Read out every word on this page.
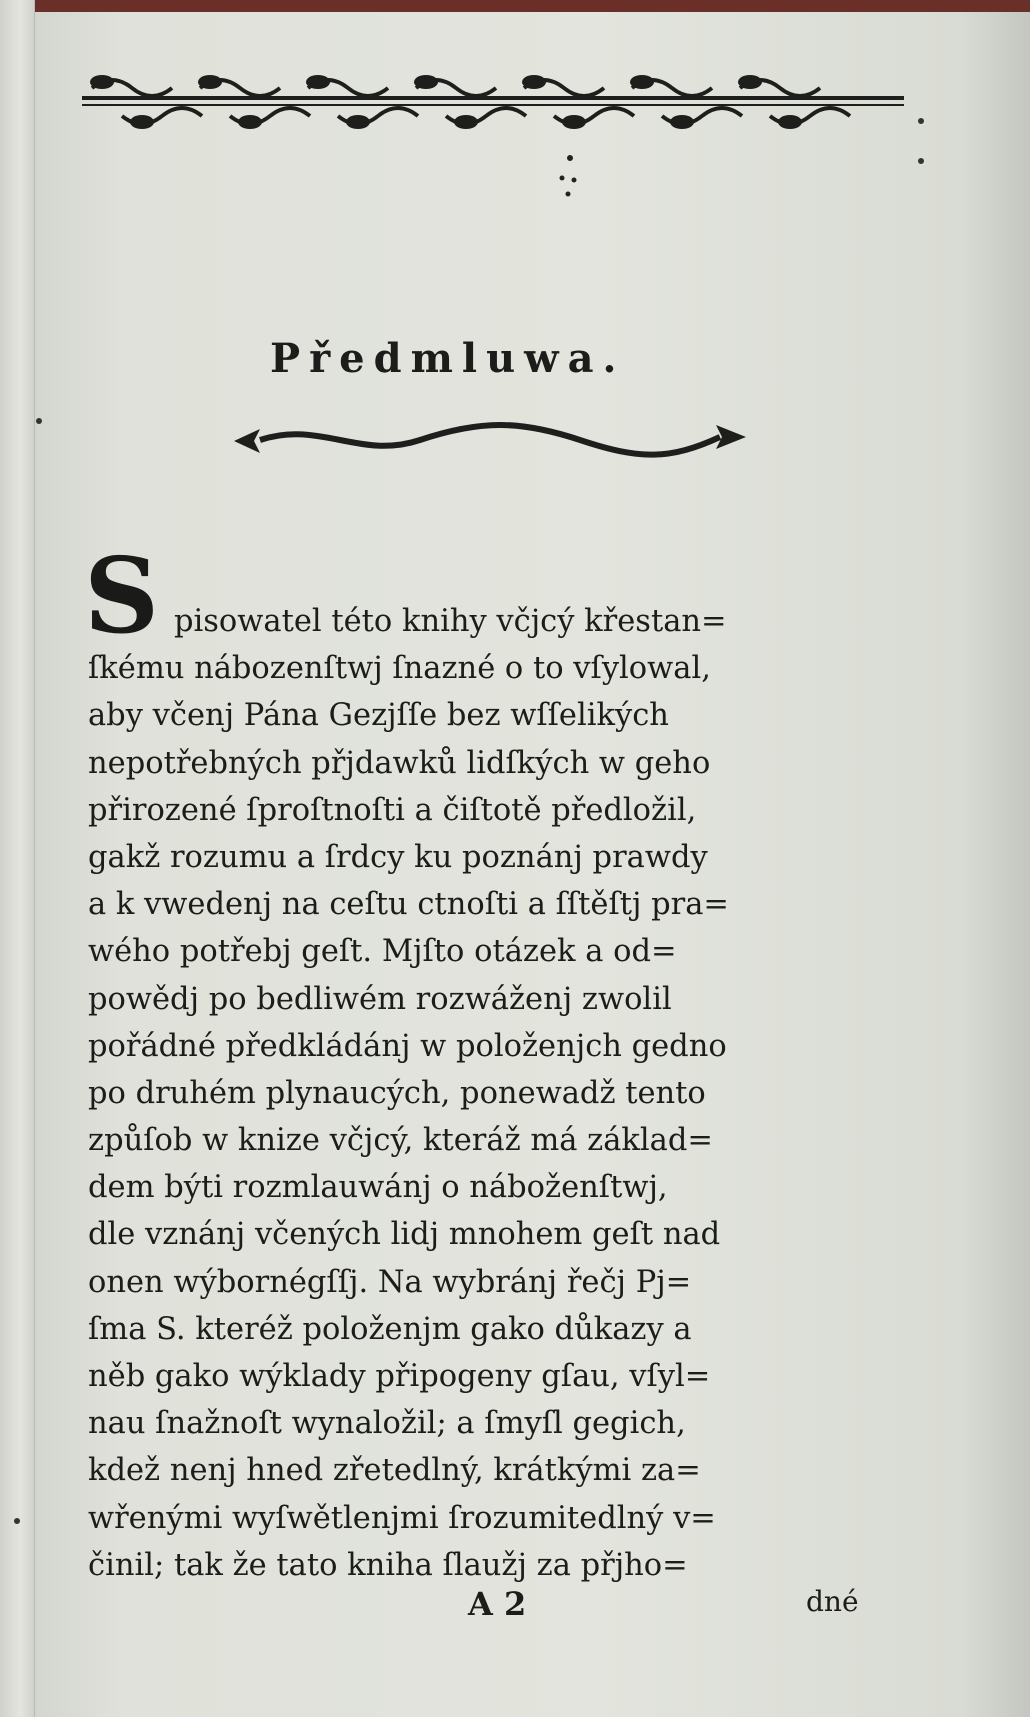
Předmluwa.
S pisowatel této knihy včjcý křestan=
ſkému nábozenſtwj ſnazné o to vſylowal,
aby včenj Pána Gezjſſe bez wſſelikých
nepotřebných přjdawků lidſkých w geho
přirozené ſproſtnoſti a čiſtotě předložil,
gakž rozumu a ſrdcy ku poznánj prawdy
a k vwedenj na ceſtu ctnoſti a ſſtěſtj pra=
wého potřebj geſt. Mjſto otázek a od=
powědj po bedliwém rozwáženj zwolil
pořádné předkládánj w položenjch gedno
po druhém plynaucých, ponewadž tento
způſob w knize včjcý, kteráž má základ=
dem býti rozmlauwánj o náboženſtwj,
dle vznánj včených lidj mnohem geſt nad
onen wýbornégſſj. Na wybránj řečj Pj=
ſma S. kteréž položenjm gako důkazy a
něb gako wýklady připogeny gſau, vſyl=
nau ſnažnoſt wynaložil; a ſmyſl gegich,
kdež nenj hned zřetedlný, krátkými za=
wřenými wyſwětlenjmi ſrozumitedlný v=
činil; tak že tato kniha ſlaužj za přjho=
A 2	dné
